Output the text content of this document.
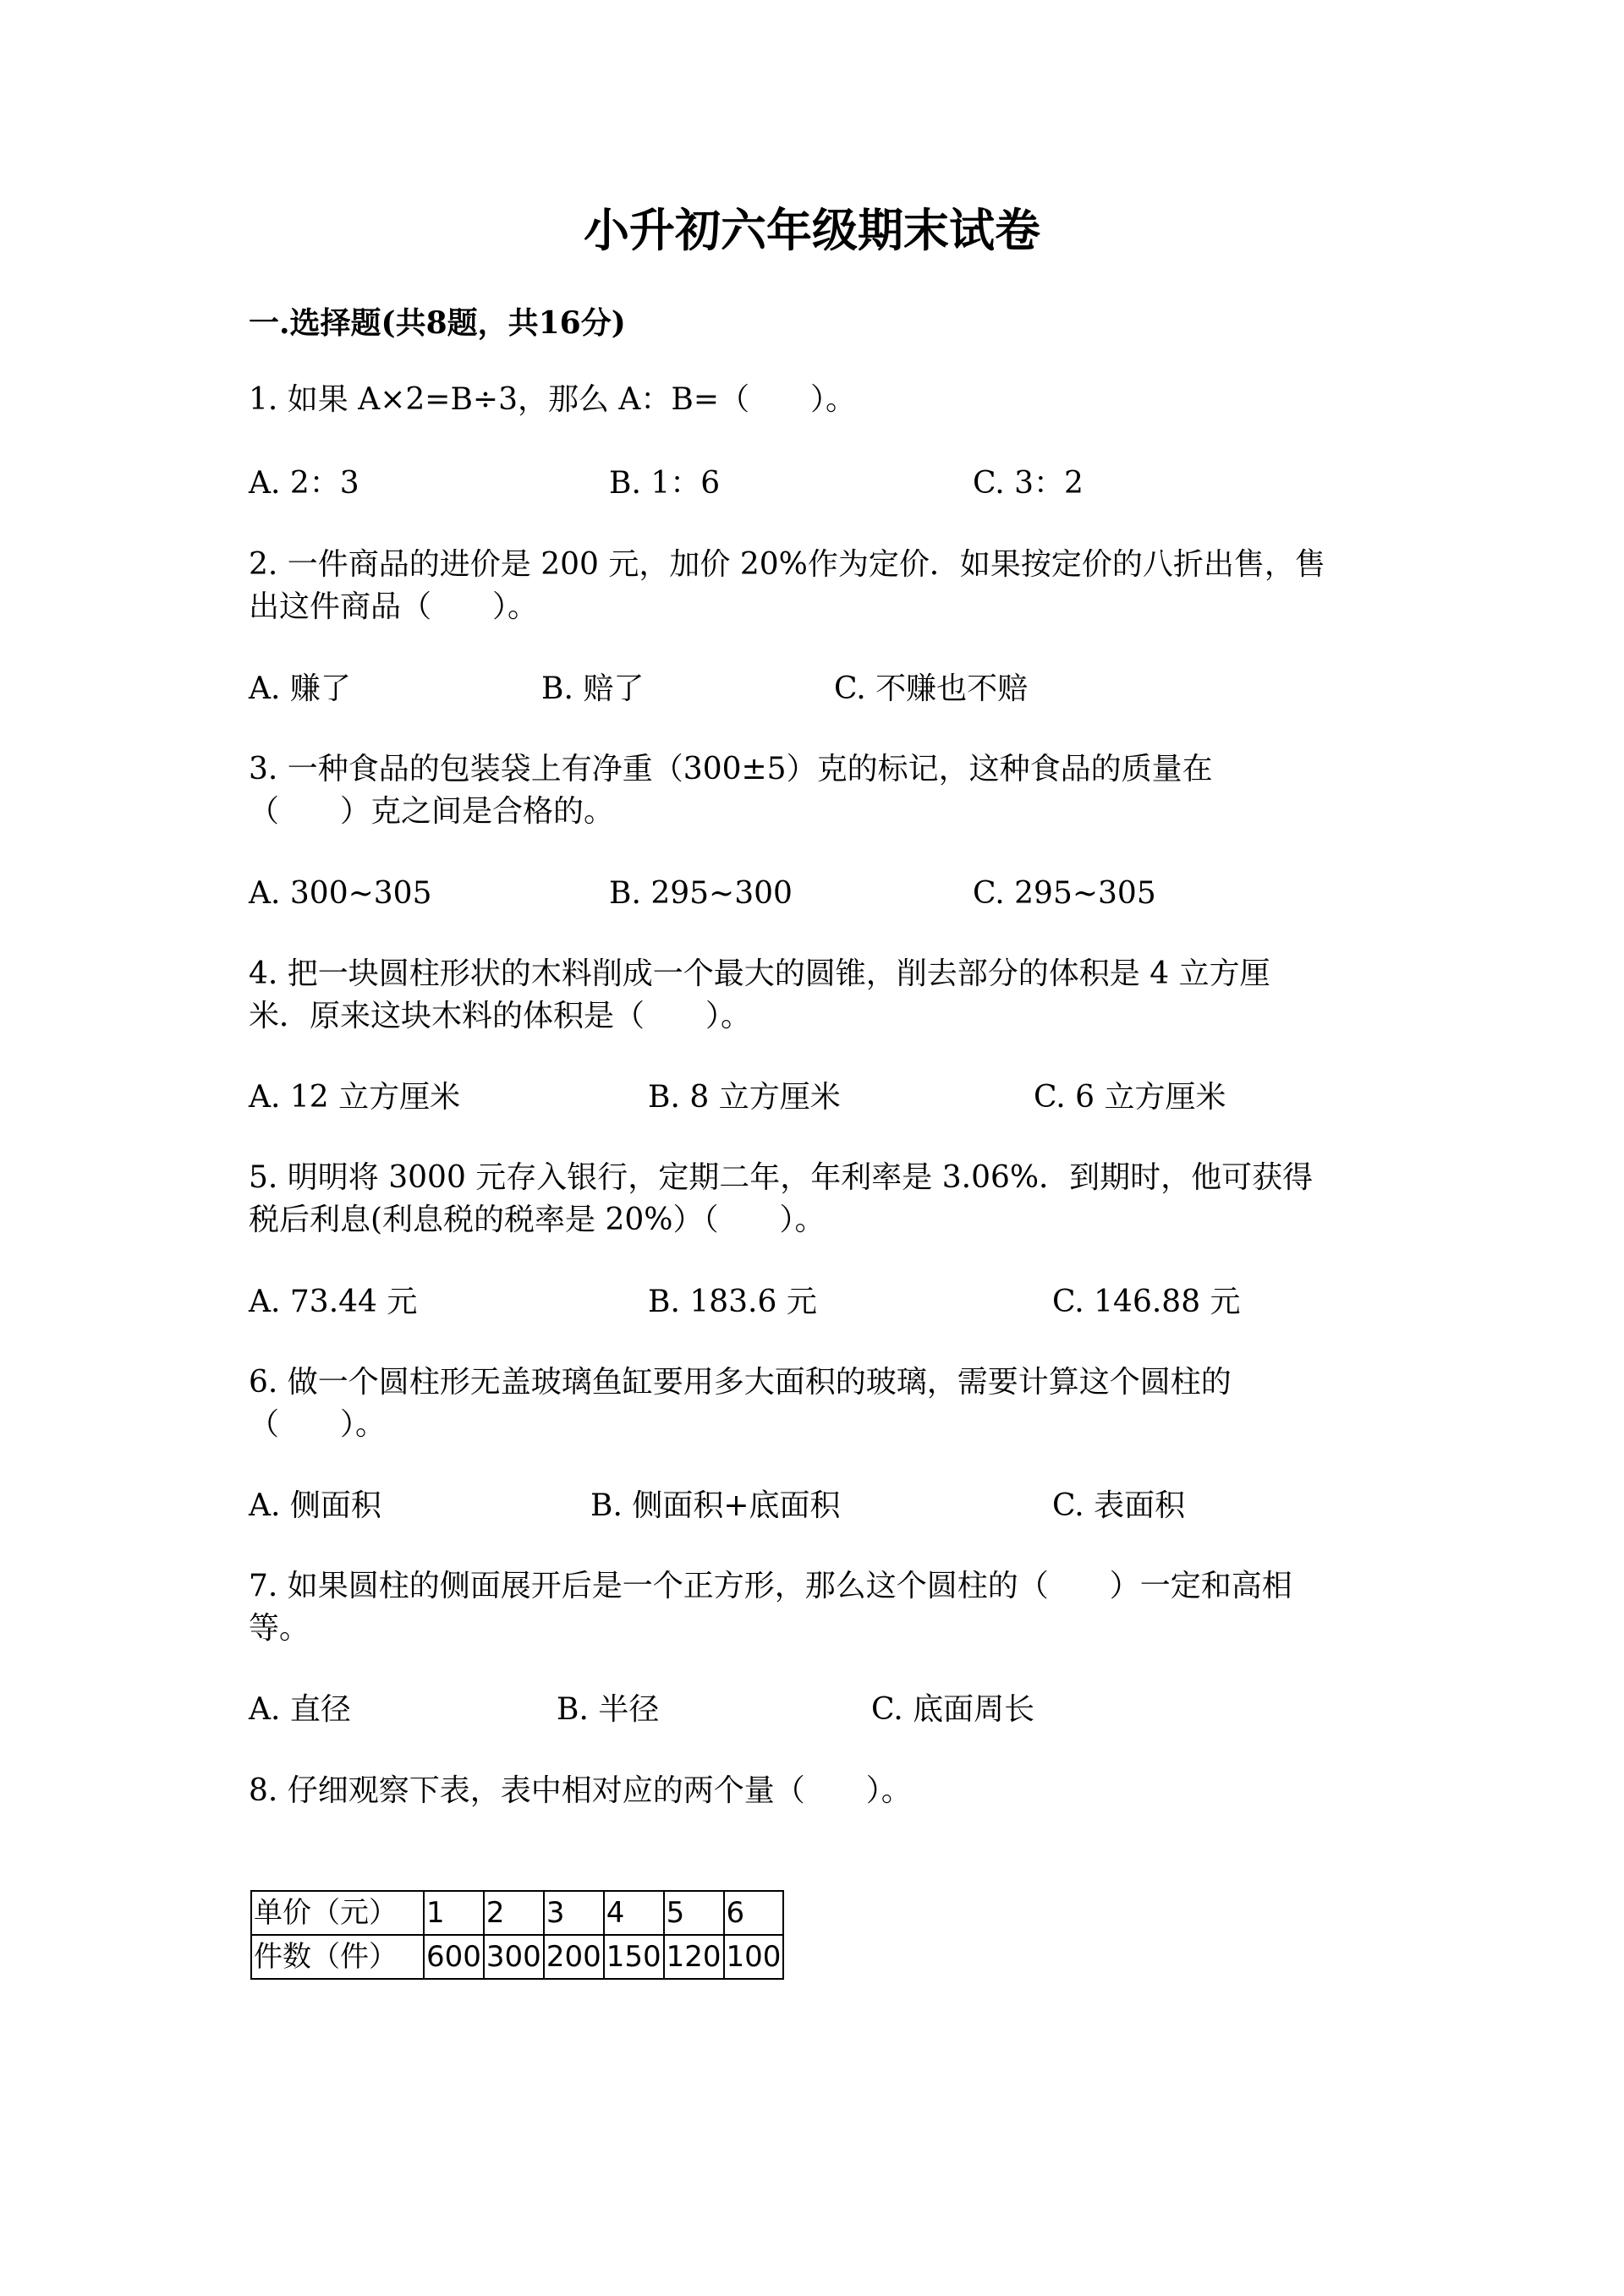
小升初六年级期末试卷
一.选择题(共8题，共16分)
1. 如果 A×2=B÷3，那么 A：B=（　　）。
A. 2：3	B. 1：6	C. 3：2
2. 一件商品的进价是 200 元，加价 20%作为定价．如果按定价的八折出售，售
出这件商品（　　）。
A. 赚了	B. 赔了	C. 不赚也不赔
3. 一种食品的包装袋上有净重（300±5）克的标记，这种食品的质量在
（　　）克之间是合格的。
A. 300~305	B. 295~300	C. 295~305
4. 把一块圆柱形状的木料削成一个最大的圆锥，削去部分的体积是 4 立方厘
米．原来这块木料的体积是（　　）。
A. 12 立方厘米	B. 8 立方厘米	C. 6 立方厘米
5. 明明将 3000 元存入银行，定期二年，年利率是 3.06%．到期时，他可获得
税后利息(利息税的税率是 20%）（　　）。
A. 73.44 元	B. 183.6 元	C. 146.88 元
6. 做一个圆柱形无盖玻璃鱼缸要用多大面积的玻璃，需要计算这个圆柱的
（　　）。
A. 侧面积	B. 侧面积+底面积	C. 表面积
7. 如果圆柱的侧面展开后是一个正方形，那么这个圆柱的（　　）一定和高相
等。
A. 直径	B. 半径	C. 底面周长
8. 仔细观察下表，表中相对应的两个量（　　）。
单价（元）	1	2	3	4	5	6
件数（件）	600	300	200	150	120	100
